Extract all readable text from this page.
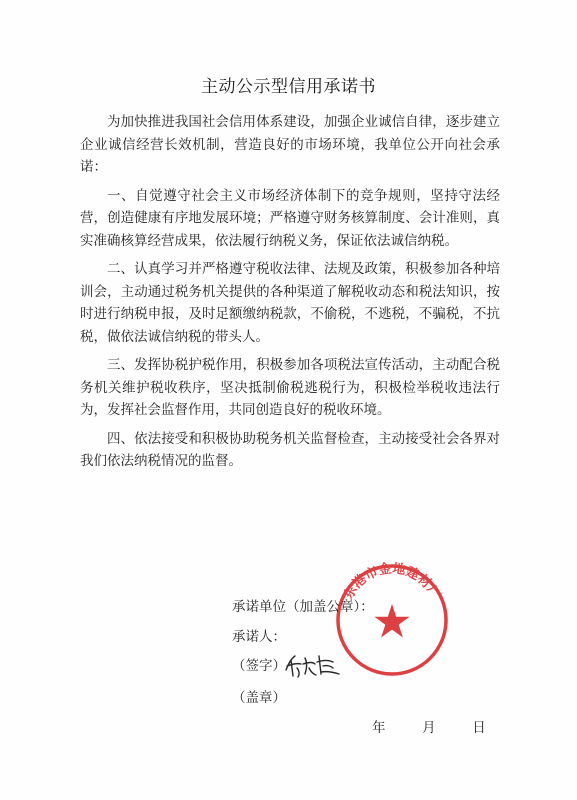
主动公示型信用承诺书

为加快推进我国社会信用体系建设，加强企业诚信自律，逐步建立企业诚信经营长效机制，营造良好的市场环境，我单位公开向社会承诺：

一、自觉遵守社会主义市场经济体制下的竞争规则，坚持守法经营，创造健康有序地发展环境；严格遵守财务核算制度、会计准则，真实准确核算经营成果，依法履行纳税义务，保证依法诚信纳税。

二、认真学习并严格遵守税收法律、法规及政策，积极参加各种培训会，主动通过税务机关提供的各种渠道了解税收动态和税法知识，按时进行纳税申报，及时足额缴纳税款，不偷税，不逃税，不骗税，不抗税，做依法诚信纳税的带头人。

三、发挥协税护税作用，积极参加各项税法宣传活动，主动配合税务机关维护税收秩序，坚决抵制偷税逃税行为，积极检举税收违法行为，发挥社会监督作用，共同创造良好的税收环境。

四、依法接受和积极协助税务机关监督检查，主动接受社会各界对我们依法纳税情况的监督。

东港市金地建材厂
承诺单位（加盖公章）：
承诺人：
（签字）
（盖章）
年	月	日
